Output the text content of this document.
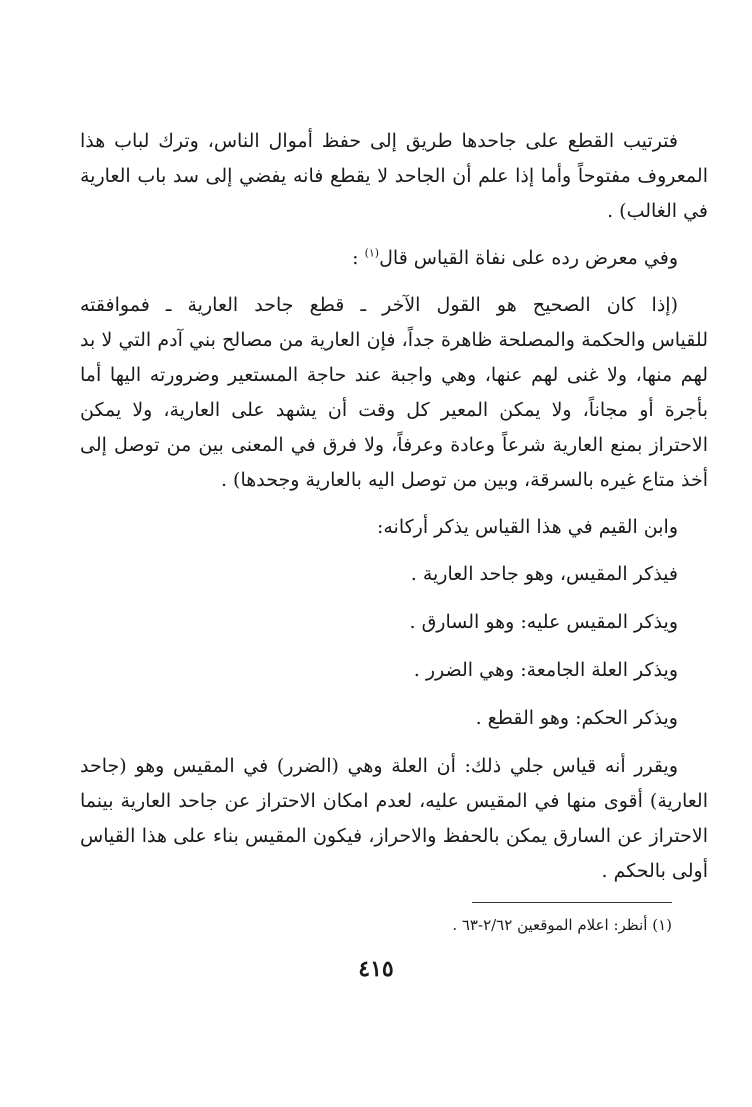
فترتيب القطع على جاحدها طريق إلى حفظ أموال الناس، وترك لباب هذا
المعروف مفتوحاً وأما إذا علم أن الجاحد لا يقطع فانه يفضي إلى سد باب العارية
في الغالب) .

وفي معرض رده على نفاة القياس قال$^{(١)}$ :

(إذا كان الصحيح هو القول الآخر ـ قطع جاحد العارية ـ فموافقته
للقياس والحكمة والمصلحة ظاهرة جداً، فإن العارية من مصالح بني آدم التي لا بد
لهم منها، ولا غنى لهم عنها، وهي واجبة عند حاجة المستعير وضرورته اليها أما
بأجرة أو مجاناً، ولا يمكن المعير كل وقت أن يشهد على العارية، ولا يمكن
الاحتراز بمنع العارية شرعاً وعادة وعرفاً، ولا فرق في المعنى بين من توصل إلى
أخذ متاع غيره بالسرقة، وبين من توصل اليه بالعارية وجحدها) .

وابن القيم في هذا القياس يذكر أركانه:

فيذكر المقيس، وهو جاحد العارية .

ويذكر المقيس عليه: وهو السارق .

ويذكر العلة الجامعة: وهي الضرر .

ويذكر الحكم: وهو القطع .

ويقرر أنه قياس جلي ذلك: أن العلة وهي (الضرر) في المقيس وهو (جاحد
العارية) أقوى منها في المقيس عليه، لعدم امكان الاحتراز عن جاحد العارية بينما
الاحتراز عن السارق يمكن بالحفظ والاحراز، فيكون المقيس بناء على هذا القياس
أولى بالحكم .

(١) أنظر: اعلام الموقعين ٢/٦٢-٦٣ .
٤١٥
